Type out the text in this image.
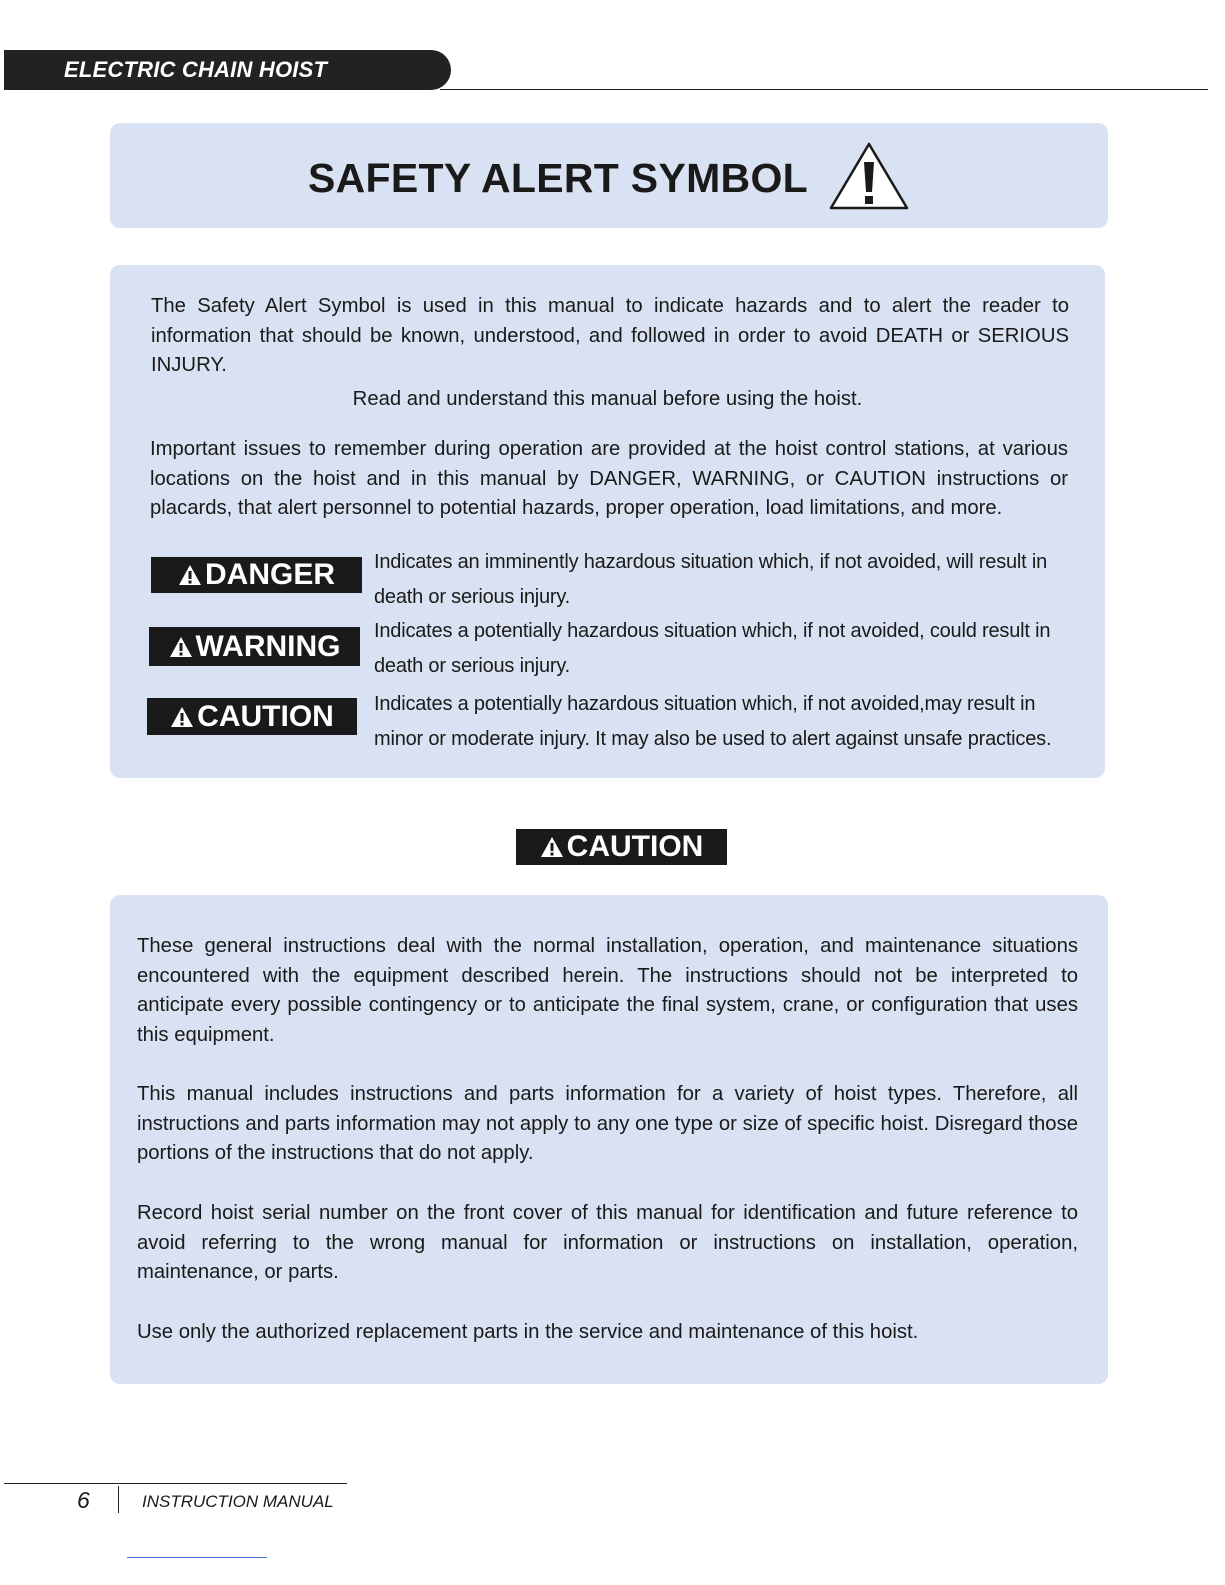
ELECTRIC CHAIN HOIST
SAFETY ALERT SYMBOL
The Safety Alert Symbol is used in this manual to indicate hazards and to alert the reader to information that should be known, understood, and followed in order to avoid DEATH or SERIOUS INJURY.
Read and understand this manual before using the hoist.
Important issues to remember during operation are provided at the hoist control stations, at various locations on the hoist and in this manual by DANGER, WARNING, or CAUTION instructions or placards, that alert personnel to potential hazards, proper operation, load limitations, and more.
DANGER Indicates an imminently hazardous situation which, if not avoided, will result in death or serious injury.
WARNING Indicates a potentially hazardous situation which, if not avoided, could result in death or serious injury.
CAUTION Indicates a potentially hazardous situation which, if not avoided,may result in minor or moderate injury. It may also be used to alert against unsafe practices.
CAUTION
These general instructions deal with the normal installation, operation, and maintenance situations encountered with the equipment described herein. The instructions should not be interpreted to anticipate every possible contingency or to anticipate the final system, crane, or configuration that uses this equipment.
This manual includes instructions and parts information for a variety of hoist types. Therefore, all instructions and parts information may not apply to any one type or size of specific hoist. Disregard those portions of the instructions that do not apply.
Record hoist serial number on the front cover of this manual for identification and future reference to avoid referring to the wrong manual for information or instructions on installation, operation, maintenance, or parts.
Use only the authorized replacement parts in the service and maintenance of this hoist.
6	INSTRUCTION MANUAL
